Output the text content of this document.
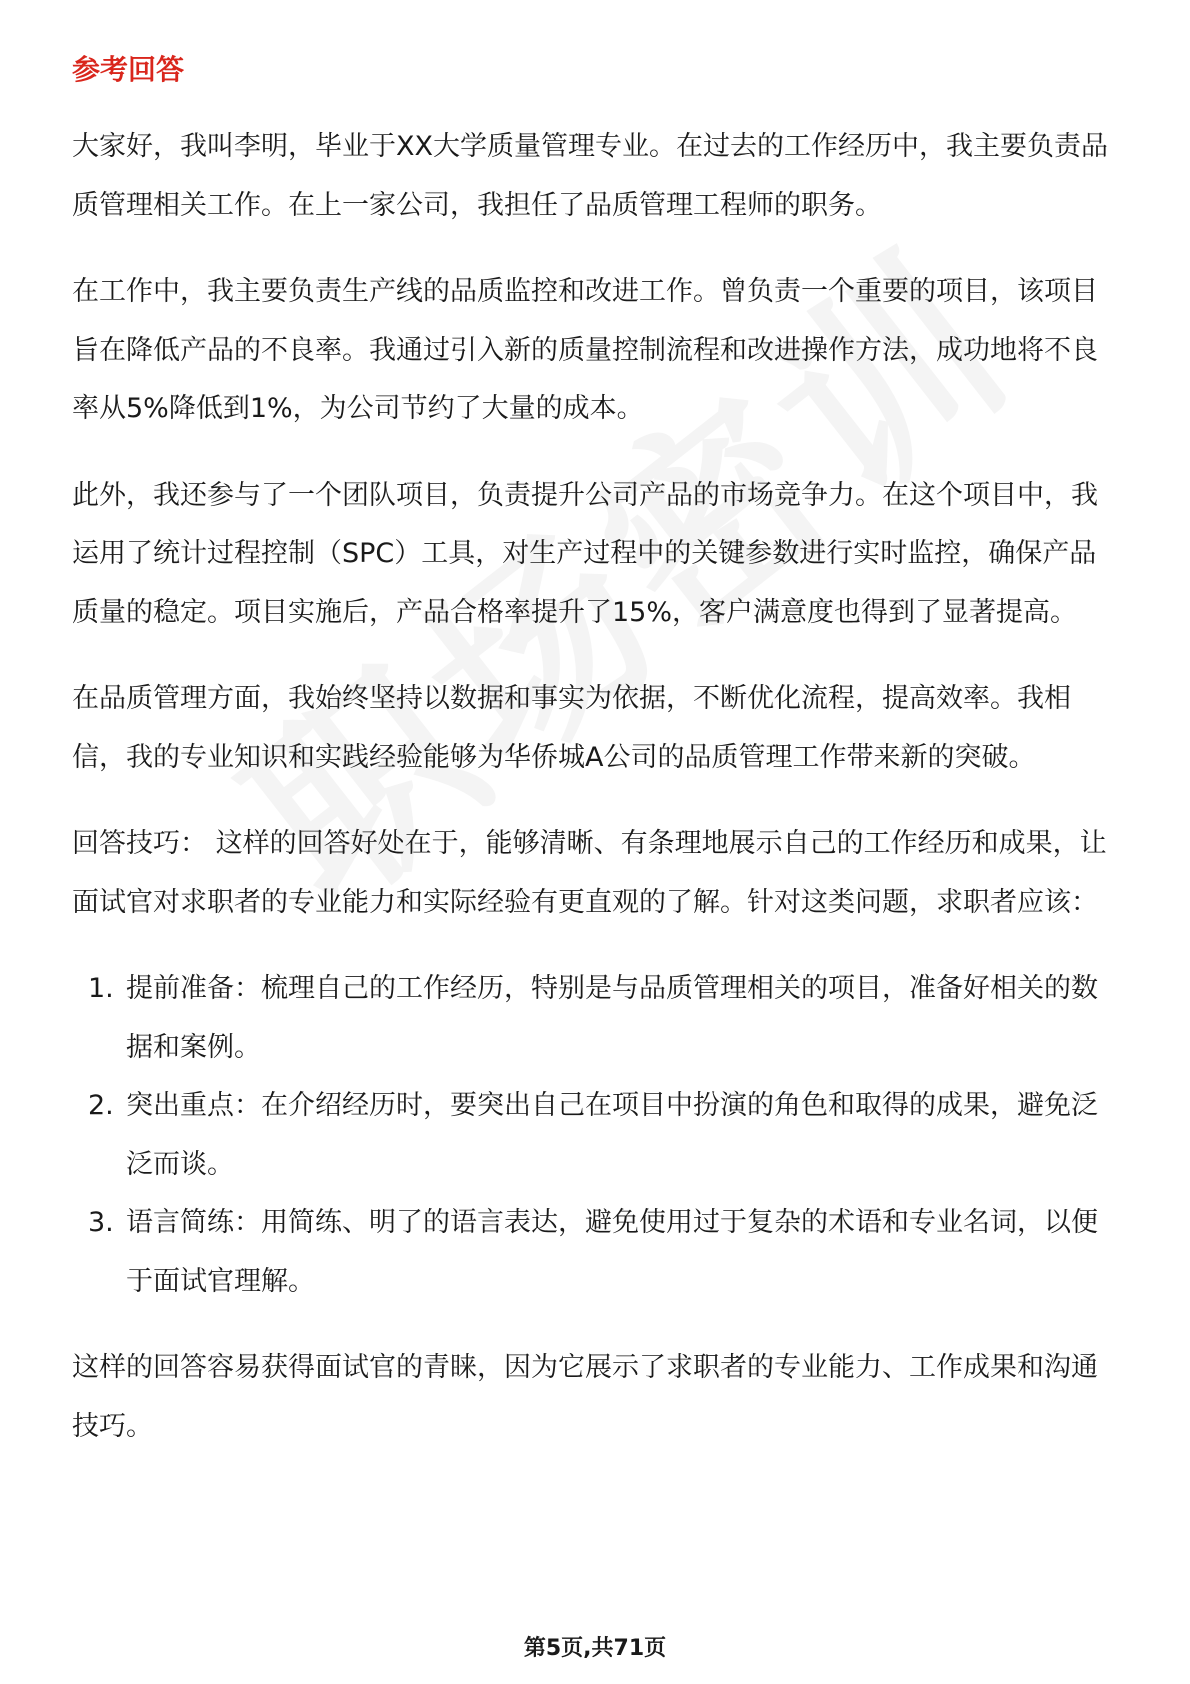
参考回答

大家好，我叫李明，毕业于XX大学质量管理专业。在过去的工作经历中，我主要负责品质管理相关工作。在上一家公司，我担任了品质管理工程师的职务。

在工作中，我主要负责生产线的品质监控和改进工作。曾负责一个重要的项目，该项目旨在降低产品的不良率。我通过引入新的质量控制流程和改进操作方法，成功地将不良率从5%降低到1%，为公司节约了大量的成本。

此外，我还参与了一个团队项目，负责提升公司产品的市场竞争力。在这个项目中，我运用了统计过程控制（SPC）工具，对生产过程中的关键参数进行实时监控，确保产品质量的稳定。项目实施后，产品合格率提升了15%，客户满意度也得到了显著提高。

在品质管理方面，我始终坚持以数据和事实为依据，不断优化流程，提高效率。我相信，我的专业知识和实践经验能够为华侨城A公司的品质管理工作带来新的突破。

回答技巧： 这样的回答好处在于，能够清晰、有条理地展示自己的工作经历和成果，让面试官对求职者的专业能力和实际经验有更直观的了解。针对这类问题，求职者应该：

1. 提前准备：梳理自己的工作经历，特别是与品质管理相关的项目，准备好相关的数据和案例。
2. 突出重点：在介绍经历时，要突出自己在项目中扮演的角色和取得的成果，避免泛泛而谈。
3. 语言简练：用简练、明了的语言表达，避免使用过于复杂的术语和专业名词，以便于面试官理解。

这样的回答容易获得面试官的青睐，因为它展示了求职者的专业能力、工作成果和沟通技巧。

第5页,共71页
